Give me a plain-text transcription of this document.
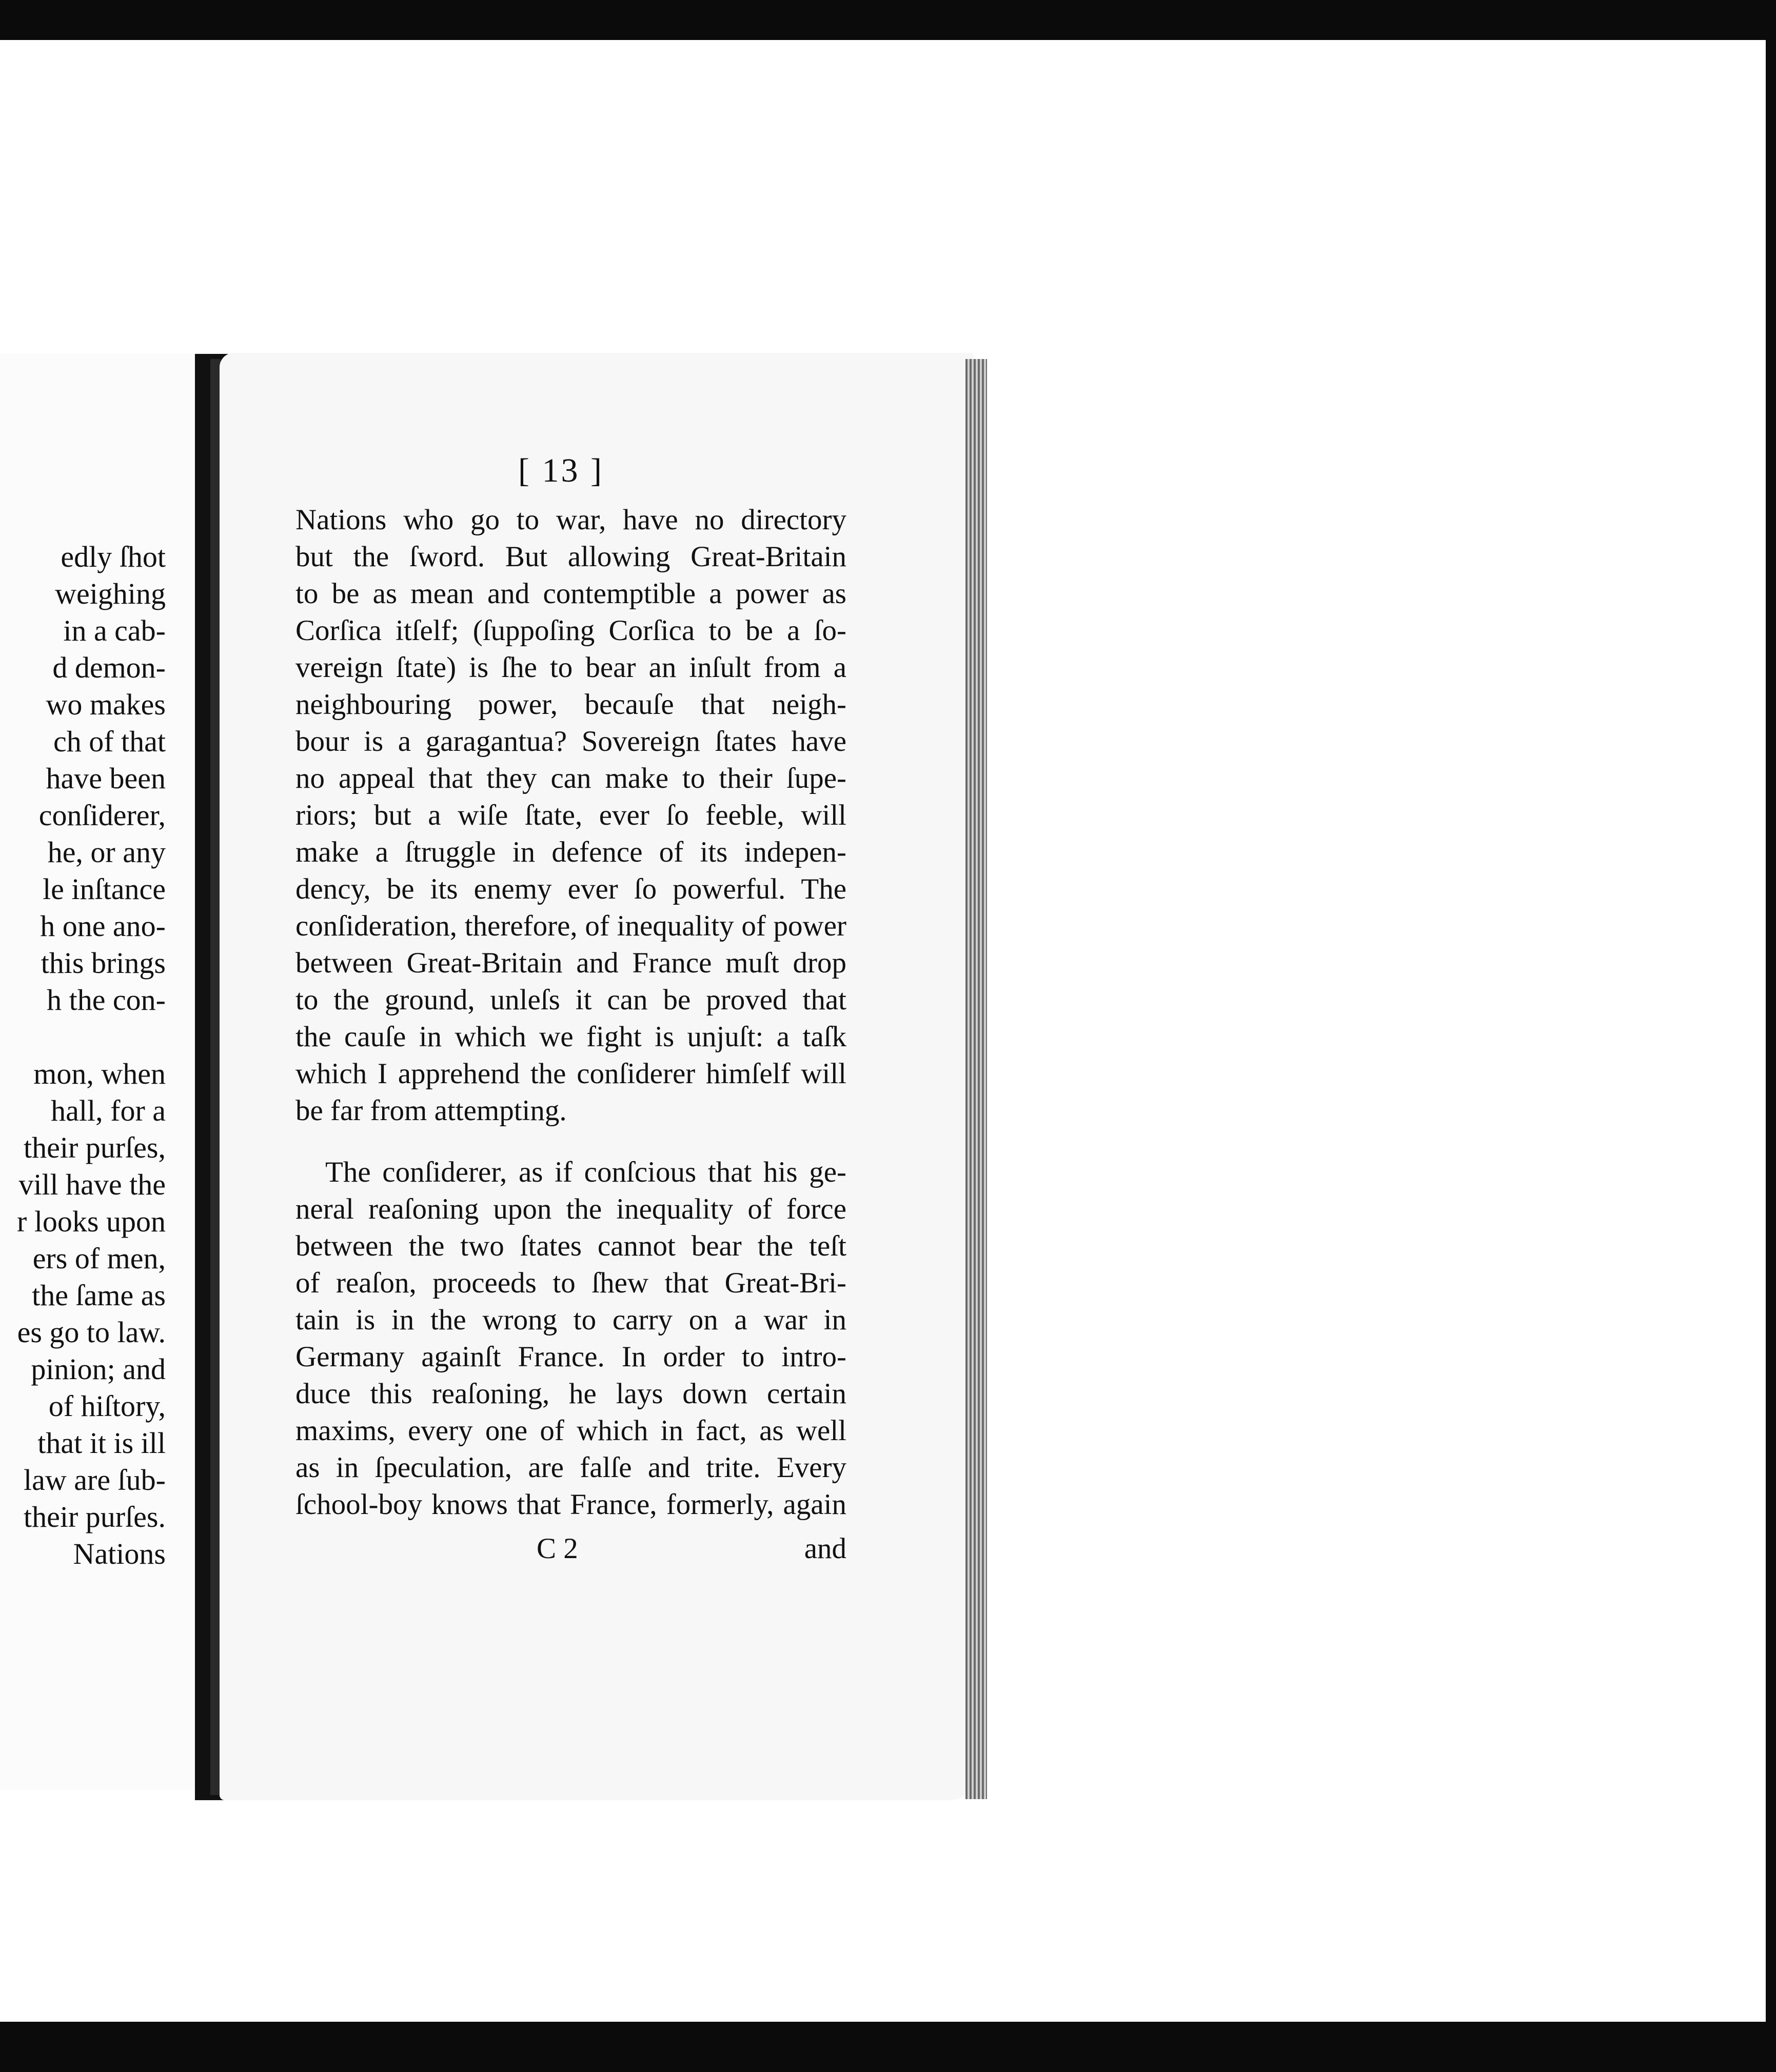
edly ſhot
weighing
in a cab-
d demon-
wo makes
ch of that
have been
conſiderer,
he, or any
le inſtance
h one ano-
this brings
h the con-
mon, when
hall, for a
their purſes,
vill have the
r looks upon
ers of men,
the ſame as
es go to law.
pinion; and
of hiſtory,
that it is ill
law are ſub-
their purſes.
Nations
[ 13 ]
Nations who go to war, have no directory
but the ſword. But allowing Great-Britain
to be as mean and contemptible a power as
Corſica itſelf; (ſuppoſing Corſica to be a ſo-
vereign ſtate) is ſhe to bear an inſult from a
neighbouring power, becauſe that neigh-
bour is a garagantua? Sovereign ſtates have
no appeal that they can make to their ſupe-
riors; but a wiſe ſtate, ever ſo feeble, will
make a ſtruggle in defence of its indepen-
dency, be its enemy ever ſo powerful. The
conſideration, therefore, of inequality of power
between Great-Britain and France muſt drop
to the ground, unleſs it can be proved that
the cauſe in which we fight is unjuſt: a taſk
which I apprehend the conſiderer himſelf will
be far from attempting.
The conſiderer, as if conſcious that his ge-
neral reaſoning upon the inequality of force
between the two ſtates cannot bear the teſt
of reaſon, proceeds to ſhew that Great-Bri-
tain is in the wrong to carry on a war in
Germany againſt France. In order to intro-
duce this reaſoning, he lays down certain
maxims, every one of which in fact, as well
as in ſpeculation, are falſe and trite. Every
ſchool-boy knows that France, formerly, again
C 2	and
